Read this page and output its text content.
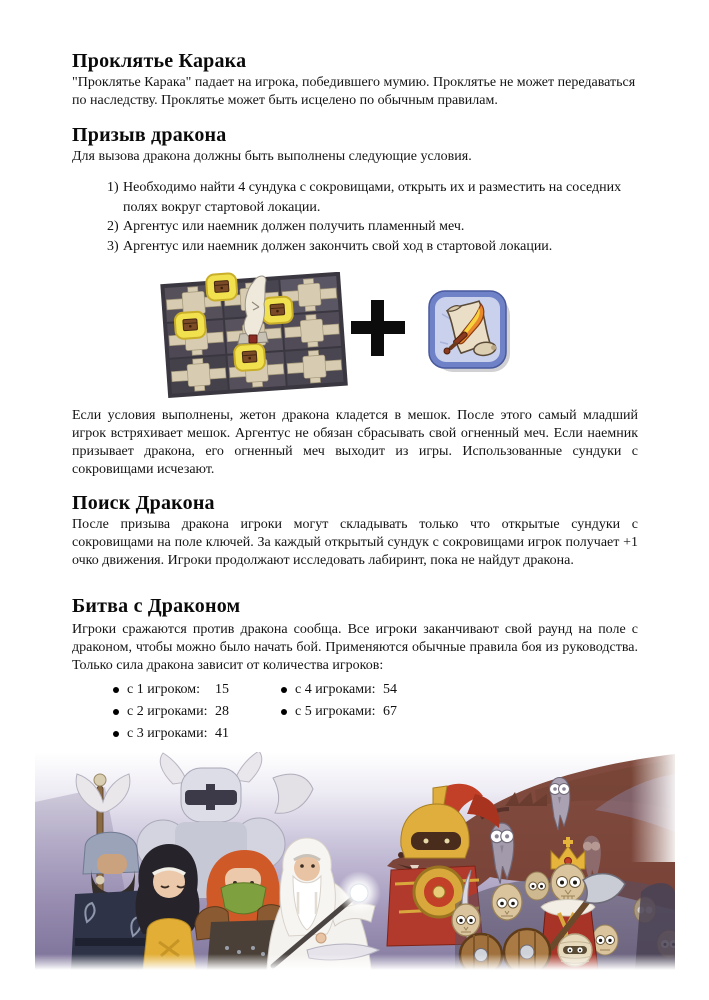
Проклятье Карака

"Проклятье Карака" падает на игрока, победившего мумию. Проклятье не может передаваться по наследству. Проклятье может быть исцелено по обычным правилам.

Призыв дракона

Для вызова дракона должны быть выполнены следующие условия.

1) Необходимо найти 4 сундука с сокровищами, открыть их и разместить на соседних полях вокруг стартовой локации.
2) Аргентус или наемник должен получить пламенный меч.
3) Аргентус или наемник должен закончить свой ход в стартовой локации.

Если условия выполнены, жетон дракона кладется в мешок. После этого самый младший игрок встряхивает мешок. Аргентус не обязан сбрасывать свой огненный меч. Если наемник призывает дракона, его огненный меч выходит из игры. Использованные сундуки с сокровищами исчезают.

Поиск Дракона

После призыва дракона игроки могут складывать только что открытые сундуки с сокровищами на поле ключей. За каждый открытый сундук с сокровищами игрок получает +1 очко движения. Игроки продолжают исследовать лабиринт, пока не найдут дракона.

Битва с Драконом

Игроки сражаются против дракона сообща. Все игроки заканчивают свой раунд на поле с драконом, чтобы можно было начать бой. Применяются обычные правила боя из руководства. Только сила дракона зависит от количества игроков:

с 1 игроком:	15
с 2 игроками: 28
с 3 игроками: 41
с 4 игроками: 54
с 5 игроками: 67
